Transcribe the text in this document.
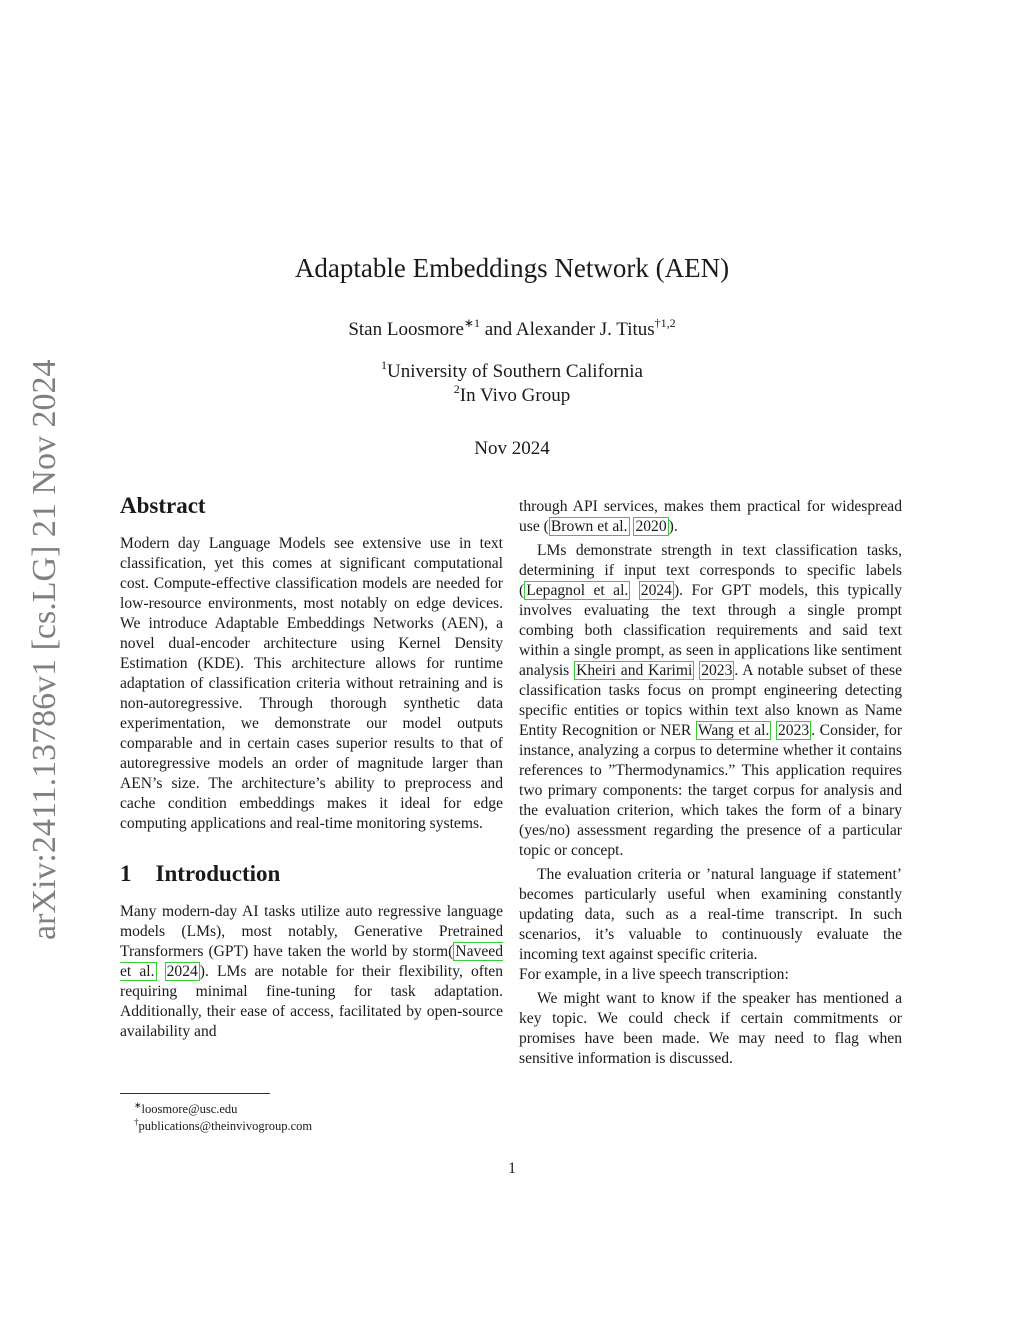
arXiv:2411.13786v1 [cs.LG] 21 Nov 2024
Adaptable Embeddings Network (AEN)
Stan Loosmore$^{∗1}$ and Alexander J. Titus$^{\dagger 1,2}$
$^1$University of Southern California
$^2$In Vivo Group
Nov 2024
Abstract

Modern day Language Models see extensive use in text classification, yet this comes at significant computational cost. Compute-effective classification models are needed for low-resource environments, most notably on edge devices. We introduce Adaptable Embeddings Networks (AEN), a novel dual-encoder architecture using Kernel Density Estimation (KDE). This architecture allows for runtime adaptation of classification criteria without retraining and is non-autoregressive. Through thorough synthetic data experimentation, we demonstrate our model outputs comparable and in certain cases superior results to that of autoregressive models an order of magnitude larger than AEN’s size. The architecture’s ability to preprocess and cache condition embeddings makes it ideal for edge computing applications and real-time monitoring systems.

1 Introduction

Many modern-day AI tasks utilize auto regressive language models (LMs), most notably, Generative Pretrained Transformers (GPT) have taken the world by storm( Naveed et al. 2024 ). LMs are notable for their flexibility, often requiring minimal fine-tuning for task adaptation. Additionally, their ease of access, facilitated by open-source availability and

through API services, makes them practical for widespread use ( Brown et al. 2020 ).

LMs demonstrate strength in text classification tasks, determining if input text corresponds to specific labels ( Lepagnol et al. 2024 ). For GPT models, this typically involves evaluating the text through a single prompt combing both classification requirements and said text within a single prompt, as seen in applications like sentiment analysis Kheiri and Karimi 2023 . A notable subset of these classification tasks focus on prompt engineering detecting specific entities or topics within text also known as Name Entity Recognition or NER Wang et al. 2023 . Consider, for instance, analyzing a corpus to determine whether it contains references to ”Thermodynamics.” This application requires two primary components: the target corpus for analysis and the evaluation criterion, which takes the form of a binary (yes/no) assessment regarding the presence of a particular topic or concept.

The evaluation criteria or ’natural language if statement’ becomes particularly useful when examining constantly updating data, such as a real-time transcript. In such scenarios, it’s valuable to continuously evaluate the incoming text against specific criteria.

For example, in a live speech transcription:

We might want to know if the speaker has mentioned a key topic. We could check if certain commitments or promises have been made. We may need to flag when sensitive information is discussed.

∗loosmore@usc.edu
†publications@theinvivogroup.com
1
